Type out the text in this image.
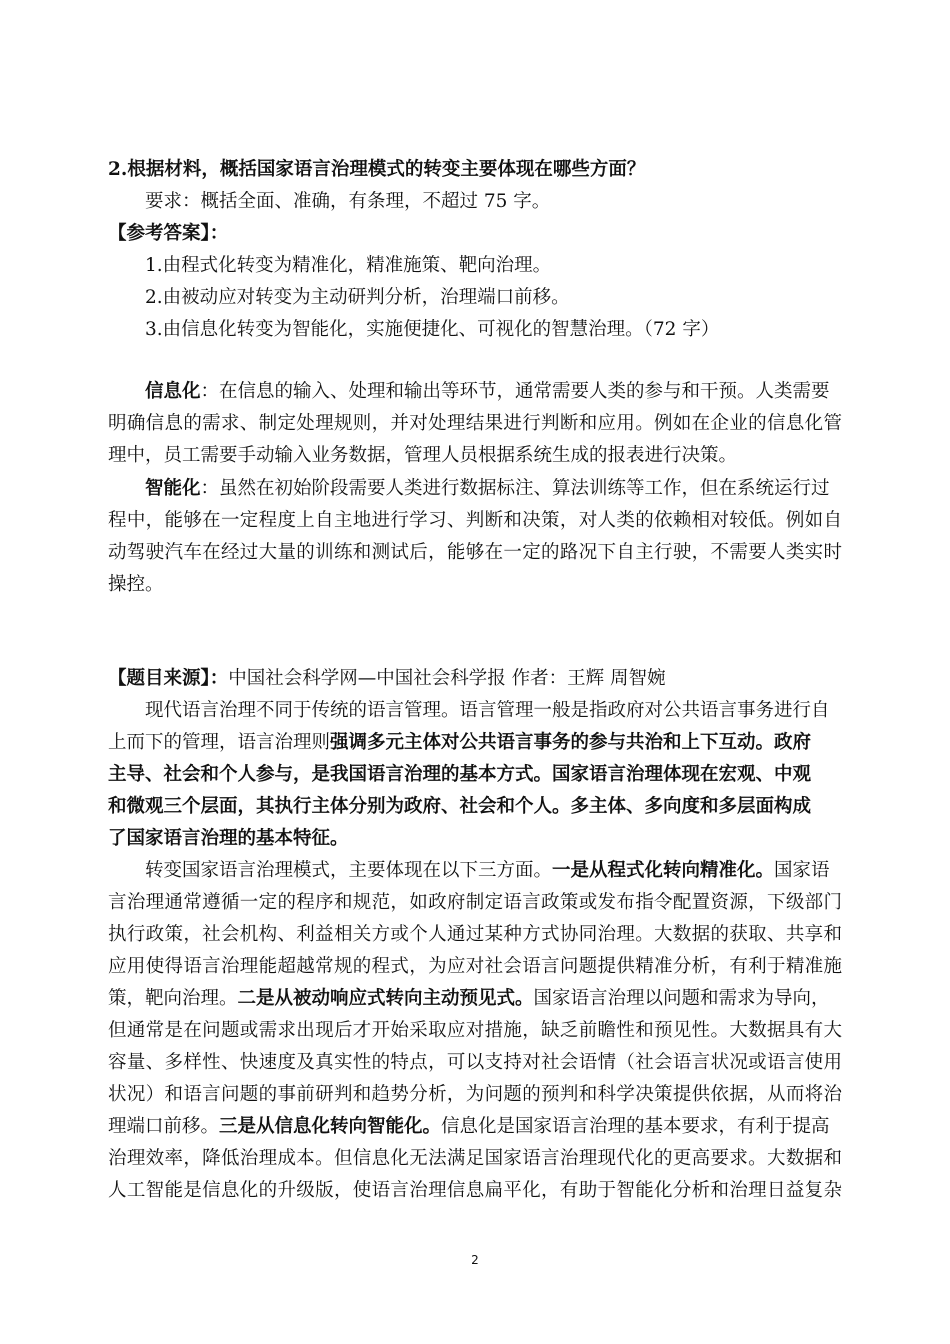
2.根据材料，概括国家语言治理模式的转变主要体现在哪些方面？
要求：概括全面、准确，有条理，不超过 75 字。
【参考答案】：
1.由程式化转变为精准化，精准施策、靶向治理。
2.由被动应对转变为主动研判分析，治理端口前移。
3.由信息化转变为智能化，实施便捷化、可视化的智慧治理。（72 字）
信息化：在信息的输入、处理和输出等环节，通常需要人类的参与和干预。人类需要
明确信息的需求、制定处理规则，并对处理结果进行判断和应用。例如在企业的信息化管
理中，员工需要手动输入业务数据，管理人员根据系统生成的报表进行决策。
智能化：虽然在初始阶段需要人类进行数据标注、算法训练等工作，但在系统运行过
程中，能够在一定程度上自主地进行学习、判断和决策，对人类的依赖相对较低。例如自
动驾驶汽车在经过大量的训练和测试后，能够在一定的路况下自主行驶，不需要人类实时
操控。
【题目来源】：中国社会科学网—中国社会科学报 作者：王辉 周智婉
现代语言治理不同于传统的语言管理。语言管理一般是指政府对公共语言事务进行自
上而下的管理，语言治理则强调多元主体对公共语言事务的参与共治和上下互动。政府
主导、社会和个人参与，是我国语言治理的基本方式。国家语言治理体现在宏观、中观
和微观三个层面，其执行主体分别为政府、社会和个人。多主体、多向度和多层面构成
了国家语言治理的基本特征。
转变国家语言治理模式，主要体现在以下三方面。一是从程式化转向精准化。国家语
言治理通常遵循一定的程序和规范，如政府制定语言政策或发布指令配置资源，下级部门
执行政策，社会机构、利益相关方或个人通过某种方式协同治理。大数据的获取、共享和
应用使得语言治理能超越常规的程式，为应对社会语言问题提供精准分析，有利于精准施
策，靶向治理。二是从被动响应式转向主动预见式。国家语言治理以问题和需求为导向，
但通常是在问题或需求出现后才开始采取应对措施，缺乏前瞻性和预见性。大数据具有大
容量、多样性、快速度及真实性的特点，可以支持对社会语情（社会语言状况或语言使用
状况）和语言问题的事前研判和趋势分析，为问题的预判和科学决策提供依据，从而将治
理端口前移。三是从信息化转向智能化。信息化是国家语言治理的基本要求，有利于提高
治理效率，降低治理成本。但信息化无法满足国家语言治理现代化的更高要求。大数据和
人工智能是信息化的升级版，使语言治理信息扁平化，有助于智能化分析和治理日益复杂
2
